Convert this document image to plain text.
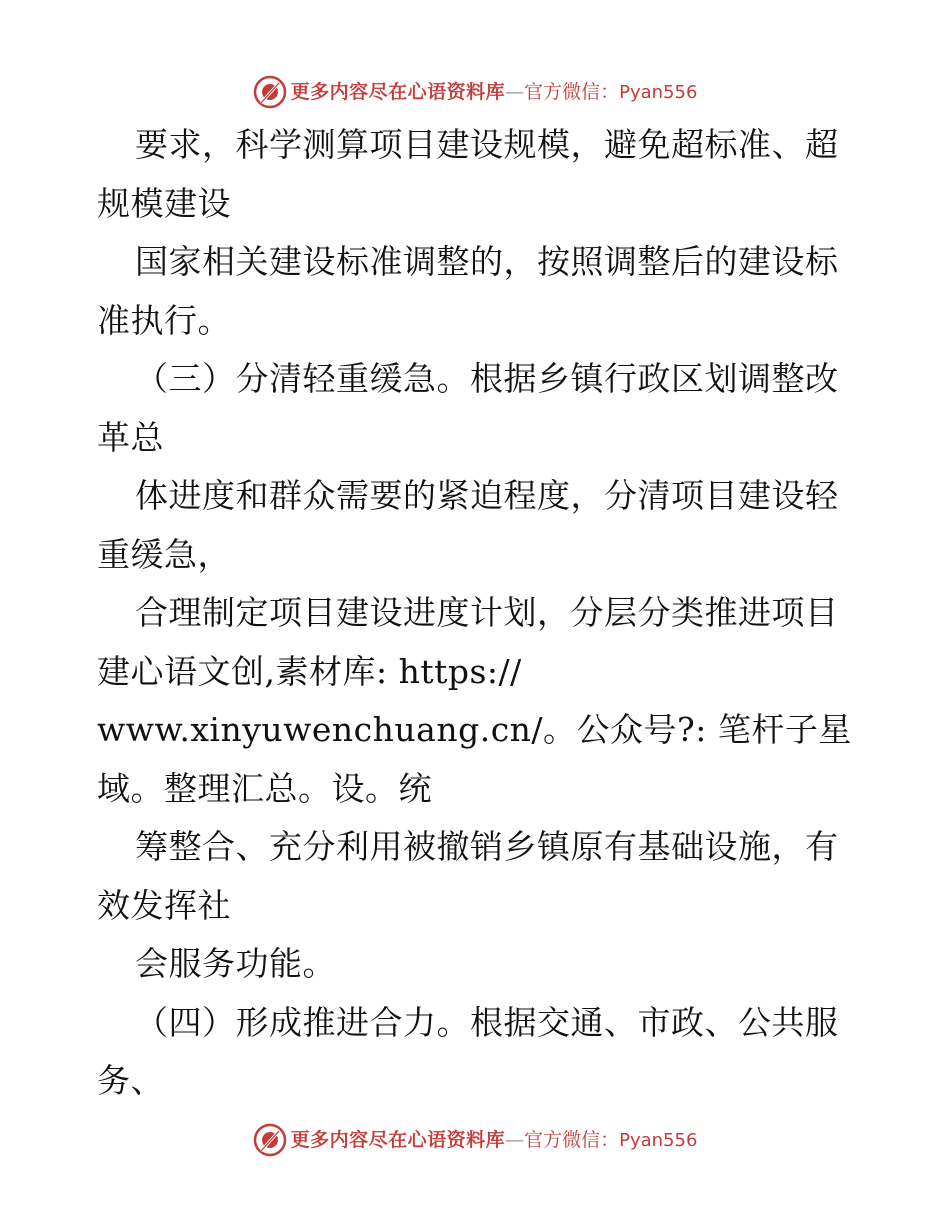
更多内容尽在心语资料库—官方微信：Pyan556
要求，科学测算项目建设规模，避免超标准、超
规模建设
国家相关建设标准调整的，按照调整后的建设标
准执行。
（三）分清轻重缓急。根据乡镇行政区划调整改
革总
体进度和群众需要的紧迫程度，分清项目建设轻
重缓急，
合理制定项目建设进度计划，分层分类推进项目
建心语文创,素材库: https://
www.xinyuwenchuang.cn/。公众号?: 笔杆子星
域。整理汇总。设。统
筹整合、充分利用被撤销乡镇原有基础设施，有
效发挥社
会服务功能。
（四）形成推进合力。根据交通、市政、公共服
务、
更多内容尽在心语资料库—官方微信：Pyan556
